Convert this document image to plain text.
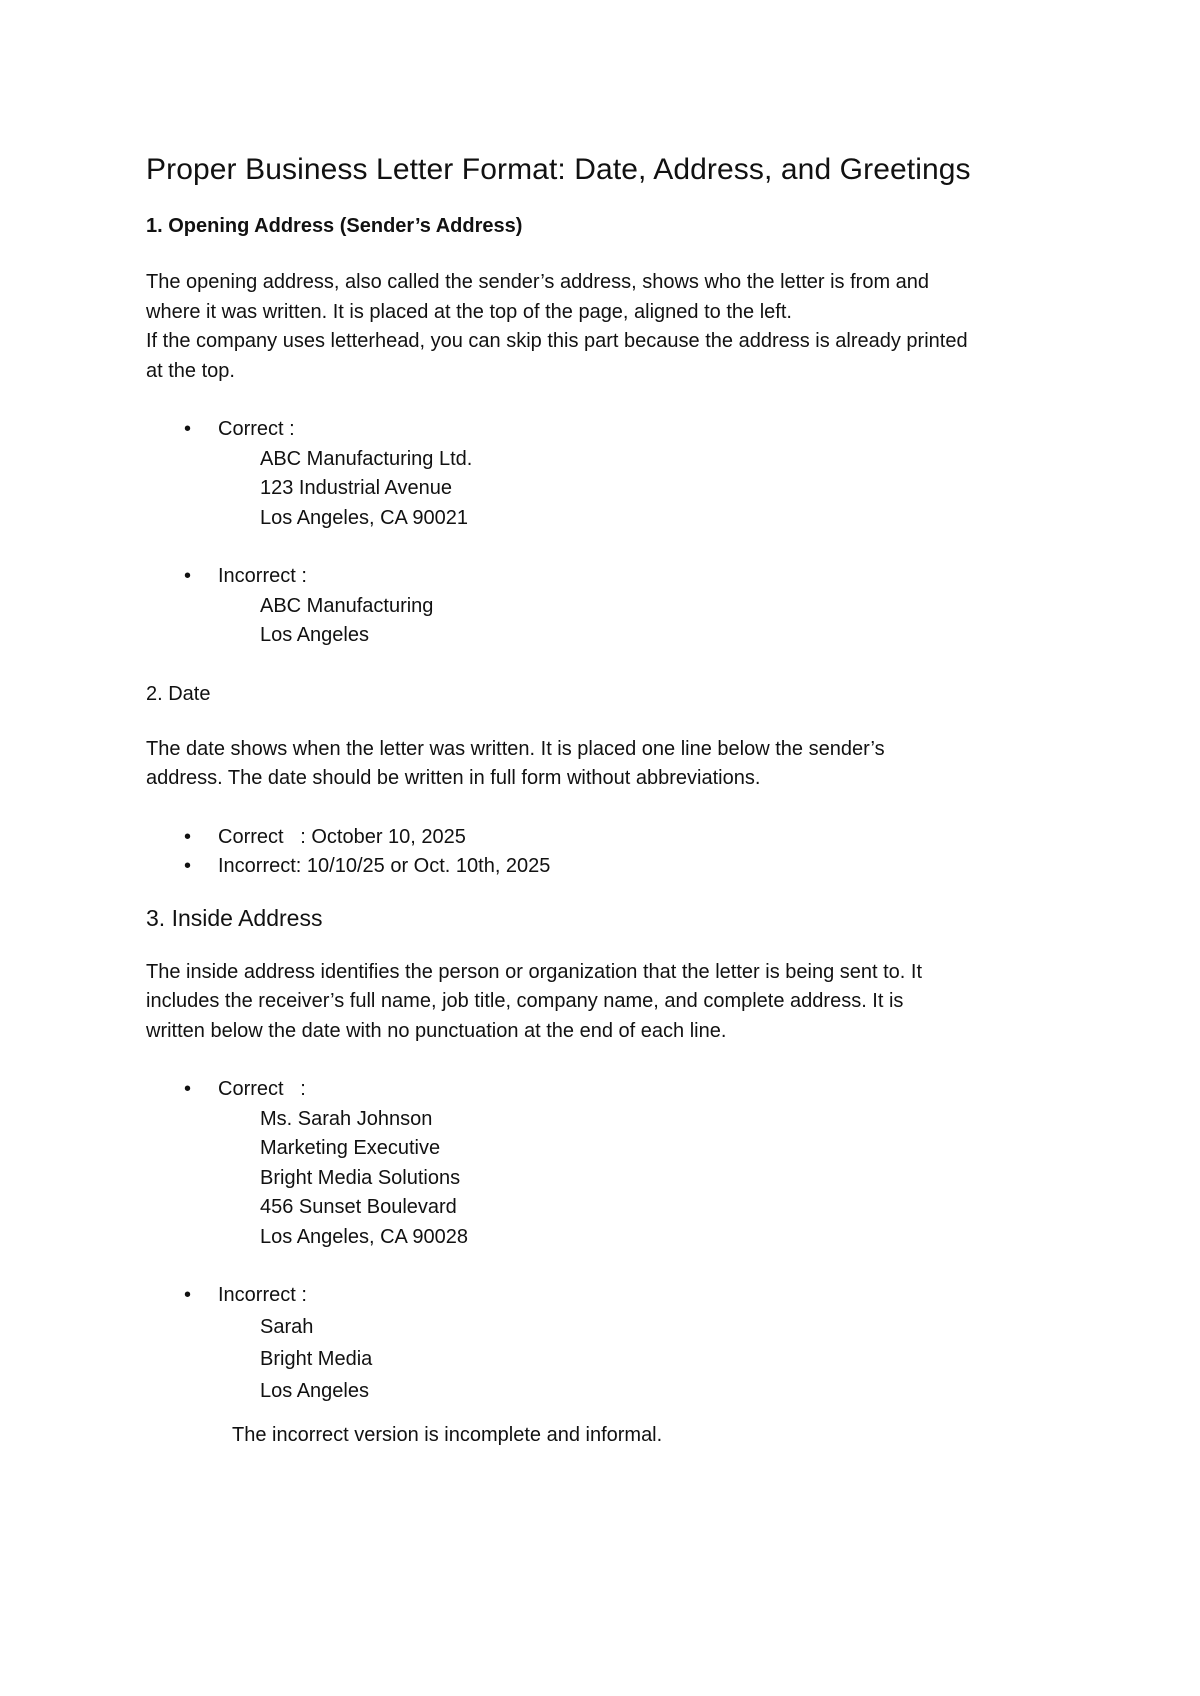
Proper Business Letter Format: Date, Address, and Greetings
1. Opening Address (Sender’s Address)
The opening address, also called the sender’s address, shows who the letter is from and
where it was written. It is placed at the top of the page, aligned to the left.
If the company uses letterhead, you can skip this part because the address is already printed
at the top.
• Correct :
ABC Manufacturing Ltd.
123 Industrial Avenue
Los Angeles, CA 90021
• Incorrect :
ABC Manufacturing
Los Angeles
2. Date
The date shows when the letter was written. It is placed one line below the sender’s
address. The date should be written in full form without abbreviations.
• Correct   : October 10, 2025
• Incorrect: 10/10/25 or Oct. 10th, 2025
3. Inside Address
The inside address identifies the person or organization that the letter is being sent to. It
includes the receiver’s full name, job title, company name, and complete address. It is
written below the date with no punctuation at the end of each line.
• Correct   :
Ms. Sarah Johnson
Marketing Executive
Bright Media Solutions
456 Sunset Boulevard
Los Angeles, CA 90028
• Incorrect :
Sarah
Bright Media
Los Angeles
The incorrect version is incomplete and informal.
